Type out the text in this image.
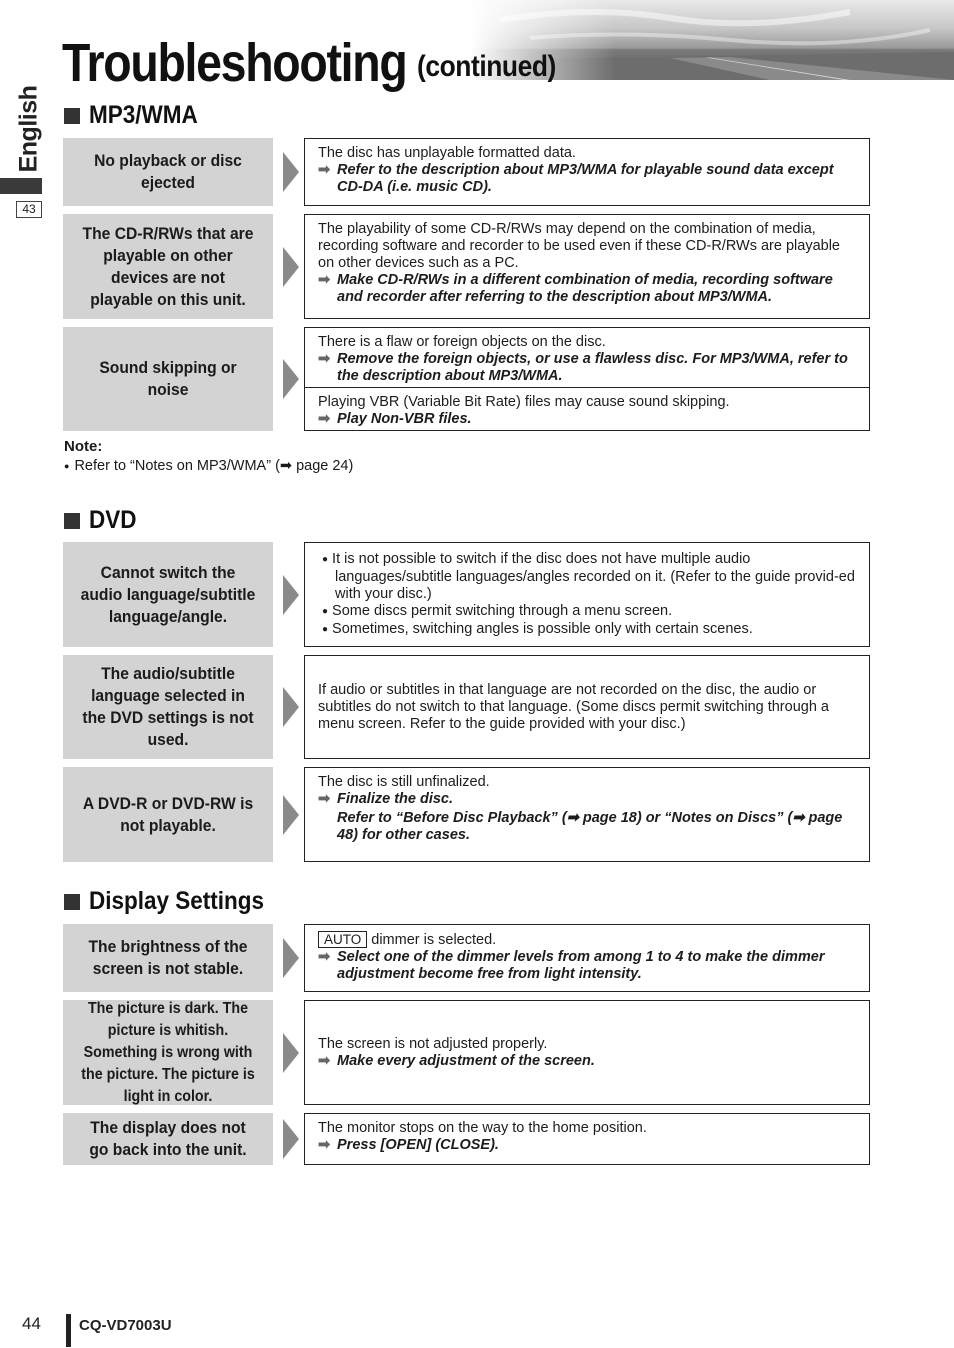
Troubleshooting (continued)
English
43
MP3/WMA
No playback or disc ejected
The disc has unplayable formatted data.
➡ Refer to the description about MP3/WMA for playable sound data except CD-DA (i.e. music CD).
The CD-R/RWs that are playable on other devices are not playable on this unit.
The playability of some CD-R/RWs may depend on the combination of media, recording software and recorder to be used even if these CD-R/RWs are playable on other devices such as a PC.
➡ Make CD-R/RWs in a different combination of media, recording software and recorder after referring to the description about MP3/WMA.
Sound skipping or noise
There is a flaw or foreign objects on the disc.
➡ Remove the foreign objects, or use a flawless disc. For MP3/WMA, refer to the description about MP3/WMA.
Playing VBR (Variable Bit Rate) files may cause sound skipping.
➡ Play Non-VBR files.
Note:
● Refer to “Notes on MP3/WMA” (➡ page 24)
DVD
Cannot switch the audio language/subtitle language/angle.
● It is not possible to switch if the disc does not have multiple audio languages/subtitle languages/angles recorded on it. (Refer to the guide provid-ed with your disc.)
● Some discs permit switching through a menu screen.
● Sometimes, switching angles is possible only with certain scenes.
The audio/subtitle language selected in the DVD settings is not used.
If audio or subtitles in that language are not recorded on the disc, the audio or subtitles do not switch to that language. (Some discs permit switching through a menu screen. Refer to the guide provided with your disc.)
A DVD-R or DVD-RW is not playable.
The disc is still unfinalized.
➡ Finalize the disc.
Refer to “Before Disc Playback” (➡ page 18) or “Notes on Discs” (➡ page 48) for other cases.
Display Settings
The brightness of the screen is not stable.
AUTO dimmer is selected.
➡ Select one of the dimmer levels from among 1 to 4 to make the dimmer adjustment become free from light intensity.
The picture is dark. The picture is whitish. Something is wrong with the picture. The picture is light in color.
The screen is not adjusted properly.
➡ Make every adjustment of the screen.
The display does not go back into the unit.
The monitor stops on the way to the home position.
➡ Press [OPEN] (CLOSE).
44	CQ-VD7003U
